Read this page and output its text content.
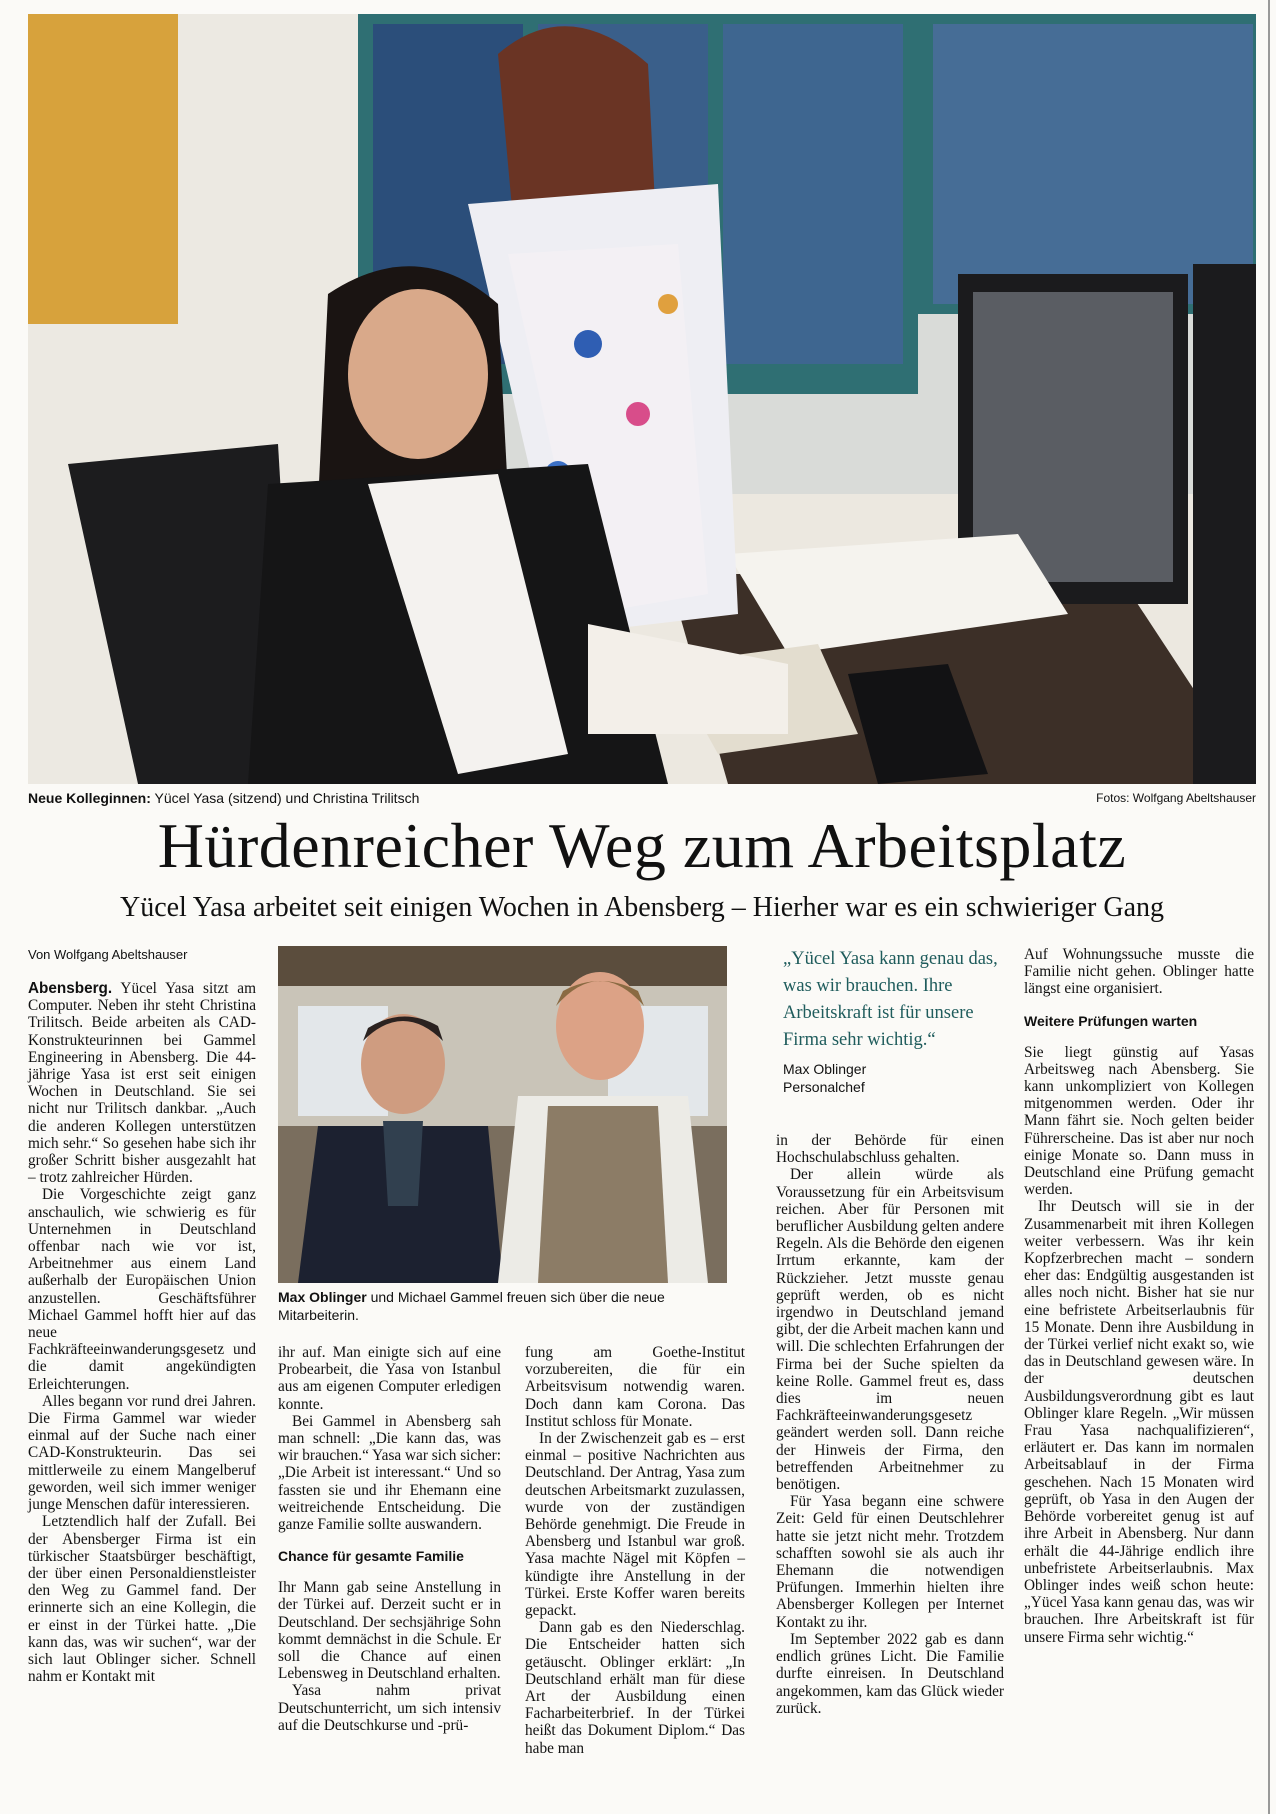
Neue Kolleginnen: Yücel Yasa (sitzend) und Christina Trilitsch	Fotos: Wolfgang Abeltshauser
Hürdenreicher Weg zum Arbeitsplatz
Yücel Yasa arbeitet seit einigen Wochen in Abensberg – Hierher war es ein schwieriger Gang
Von Wolfgang Abeltshauser

Abensberg. Yücel Yasa sitzt am Computer. Neben ihr steht Christina Trilitsch. Beide arbeiten als CAD-Konstrukteurinnen bei Gammel Engineering in Abensberg. Die 44-jährige Yasa ist erst seit einigen Wochen in Deutschland. Sie sei nicht nur Trilitsch dankbar. „Auch die anderen Kollegen unterstützen mich sehr.“ So gesehen habe sich ihr großer Schritt bisher ausgezahlt hat – trotz zahlreicher Hürden.

Die Vorgeschichte zeigt ganz anschaulich, wie schwierig es für Unternehmen in Deutschland offenbar nach wie vor ist, Arbeitnehmer aus einem Land außerhalb der Europäischen Union anzustellen. Geschäftsführer Michael Gammel hofft hier auf das neue Fachkräfteeinwanderungsgesetz und die damit angekündigten Erleichterungen.

Alles begann vor rund drei Jahren. Die Firma Gammel war wieder einmal auf der Suche nach einer CAD-Konstrukteurin. Das sei mittlerweile zu einem Mangelberuf geworden, weil sich immer weniger junge Menschen dafür interessieren.

Letztendlich half der Zufall. Bei der Abensberger Firma ist ein türkischer Staatsbürger beschäftigt, der über einen Personaldienstleister den Weg zu Gammel fand. Der erinnerte sich an eine Kollegin, die er einst in der Türkei hatte. „Die kann das, was wir suchen“, war der sich laut Oblinger sicher. Schnell nahm er Kontakt mit

Max Oblinger und Michael Gammel freuen sich über die neue Mitarbeiterin.

ihr auf. Man einigte sich auf eine Probearbeit, die Yasa von Istanbul aus am eigenen Computer erledigen konnte.

Bei Gammel in Abensberg sah man schnell: „Die kann das, was wir brauchen.“ Yasa war sich sicher: „Die Arbeit ist interessant.“ Und so fassten sie und ihr Ehemann eine weitreichende Entscheidung. Die ganze Familie sollte auswandern.

Chance für gesamte Familie

Ihr Mann gab seine Anstellung in der Türkei auf. Derzeit sucht er in Deutschland. Der sechsjährige Sohn kommt demnächst in die Schule. Er soll die Chance auf einen Lebensweg in Deutschland erhalten.

Yasa nahm privat Deutschunterricht, um sich intensiv auf die Deutschkurse und -prü-

fung am Goethe-Institut vorzubereiten, die für ein Arbeitsvisum notwendig waren. Doch dann kam Corona. Das Institut schloss für Monate.

In der Zwischenzeit gab es – erst einmal – positive Nachrichten aus Deutschland. Der Antrag, Yasa zum deutschen Arbeitsmarkt zuzulassen, wurde von der zuständigen Behörde genehmigt. Die Freude in Abensberg und Istanbul war groß. Yasa machte Nägel mit Köpfen – kündigte ihre Anstellung in der Türkei. Erste Koffer waren bereits gepackt.

Dann gab es den Niederschlag. Die Entscheider hatten sich getäuscht. Oblinger erklärt: „In Deutschland erhält man für diese Art der Ausbildung einen Facharbeiterbrief. In der Türkei heißt das Dokument Diplom.“ Das habe man

„Yücel Yasa kann genau das, was wir brauchen. Ihre Arbeitskraft ist für unsere Firma sehr wichtig.“
Max Oblinger
Personalchef

in der Behörde für einen Hochschulabschluss gehalten.

Der allein würde als Voraussetzung für ein Arbeitsvisum reichen. Aber für Personen mit beruflicher Ausbildung gelten andere Regeln. Als die Behörde den eigenen Irrtum erkannte, kam der Rückzieher. Jetzt musste genau geprüft werden, ob es nicht irgendwo in Deutschland jemand gibt, der die Arbeit machen kann und will. Die schlechten Erfahrungen der Firma bei der Suche spielten da keine Rolle. Gammel freut es, dass dies im neuen Fachkräfteeinwanderungsgesetz geändert werden soll. Dann reiche der Hinweis der Firma, den betreffenden Arbeitnehmer zu benötigen.

Für Yasa begann eine schwere Zeit: Geld für einen Deutschlehrer hatte sie jetzt nicht mehr. Trotzdem schafften sowohl sie als auch ihr Ehemann die notwendigen Prüfungen. Immerhin hielten ihre Abensberger Kollegen per Internet Kontakt zu ihr.

Im September 2022 gab es dann endlich grünes Licht. Die Familie durfte einreisen. In Deutschland angekommen, kam das Glück wieder zurück.

Auf Wohnungssuche musste die Familie nicht gehen. Oblinger hatte längst eine organisiert.

Weitere Prüfungen warten

Sie liegt günstig auf Yasas Arbeitsweg nach Abensberg. Sie kann unkompliziert von Kollegen mitgenommen werden. Oder ihr Mann fährt sie. Noch gelten beider Führerscheine. Das ist aber nur noch einige Monate so. Dann muss in Deutschland eine Prüfung gemacht werden.

Ihr Deutsch will sie in der Zusammenarbeit mit ihren Kollegen weiter verbessern. Was ihr kein Kopfzerbrechen macht – sondern eher das: Endgültig ausgestanden ist alles noch nicht. Bisher hat sie nur eine befristete Arbeitserlaubnis für 15 Monate. Denn ihre Ausbildung in der Türkei verlief nicht exakt so, wie das in Deutschland gewesen wäre. In der deutschen Ausbildungsverordnung gibt es laut Oblinger klare Regeln. „Wir müssen Frau Yasa nachqualifizieren“, erläutert er. Das kann im normalen Arbeitsablauf in der Firma geschehen. Nach 15 Monaten wird geprüft, ob Yasa in den Augen der Behörde vorbereitet genug ist auf ihre Arbeit in Abensberg. Nur dann erhält die 44-Jährige endlich ihre unbefristete Arbeitserlaubnis. Max Oblinger indes weiß schon heute: „Yücel Yasa kann genau das, was wir brauchen. Ihre Arbeitskraft ist für unsere Firma sehr wichtig.“
